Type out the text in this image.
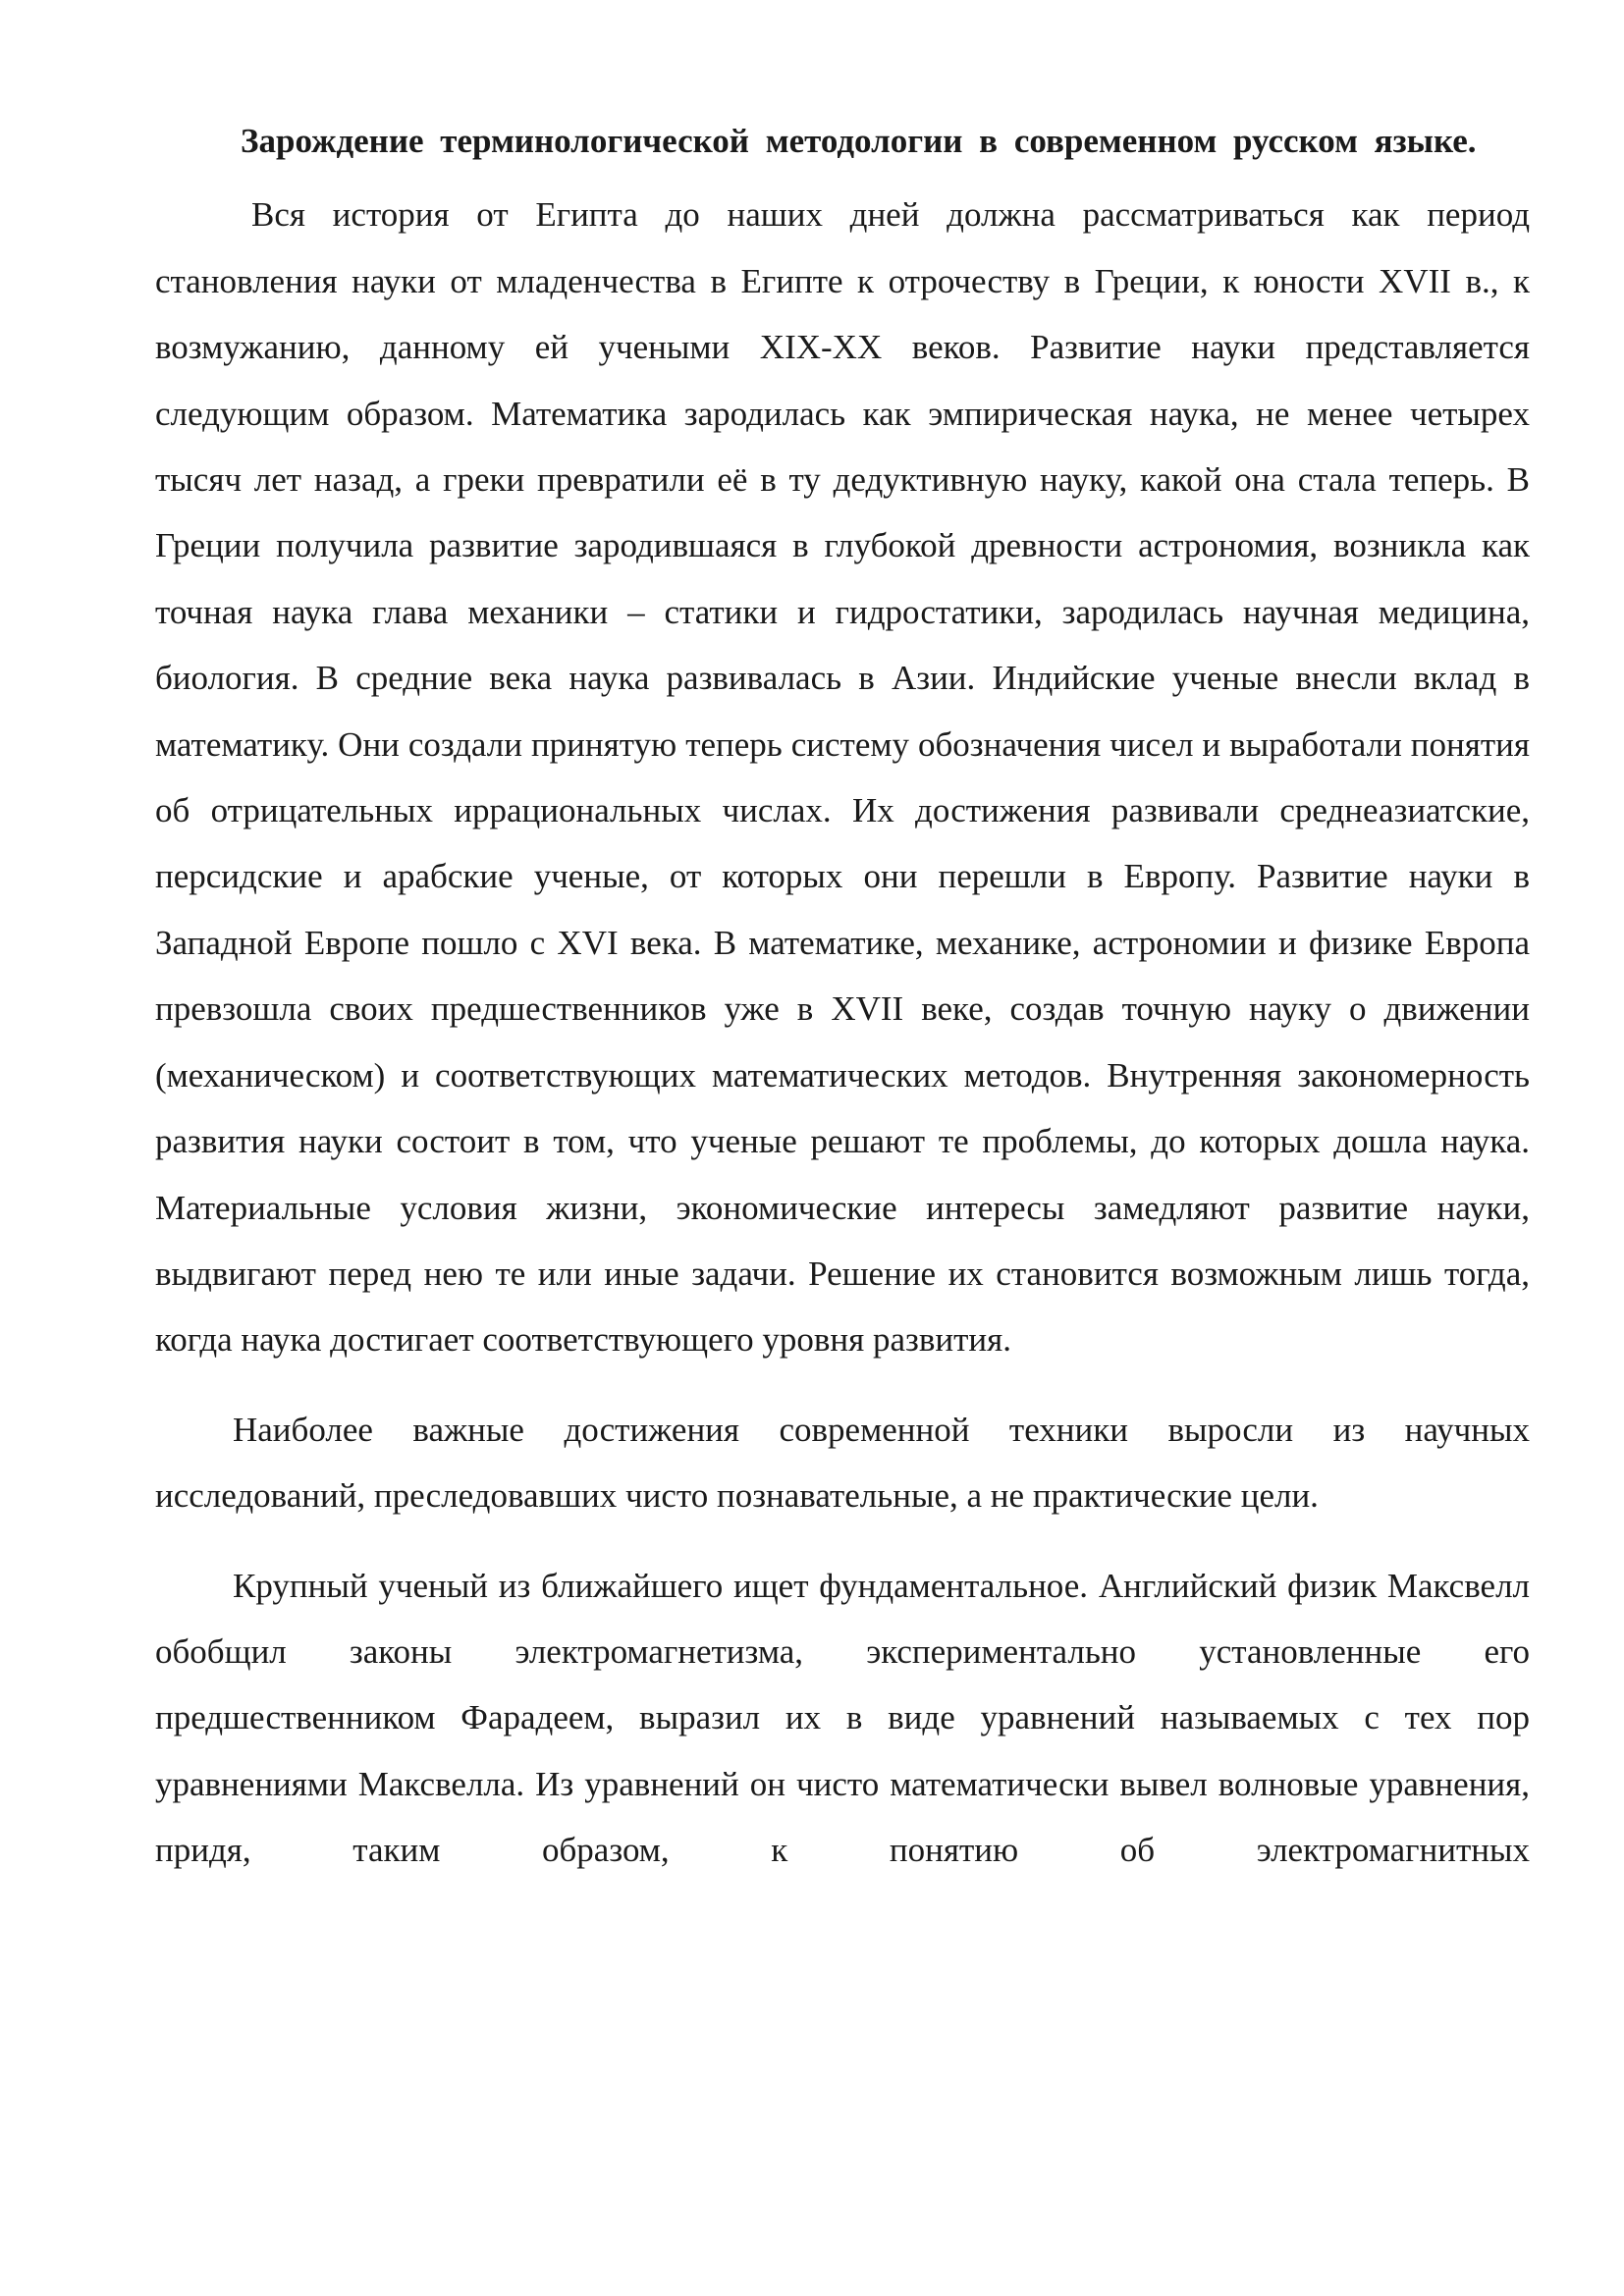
Зарождение терминологической методологии в современном русском языке.

Вся история от Египта до наших дней должна рассматриваться как период становления науки от младенчества в Египте к отрочеству в Греции, к юности XVII в., к возмужанию, данному ей учеными XIX-XX веков. Развитие науки представляется следующим образом. Математика зародилась как эмпирическая наука, не менее четырех тысяч лет назад, а греки превратили её в ту дедуктивную науку, какой она стала теперь. В Греции получила развитие зародившаяся в глубокой древности астрономия, возникла как точная наука глава механики – статики и гидростатики, зародилась научная медицина, биология. В средние века наука развивалась в Азии. Индийские ученые внесли вклад в математику. Они создали принятую теперь систему обозначения чисел и выработали понятия об отрицательных иррациональных числах. Их достижения развивали среднеазиатские, персидские и арабские ученые, от которых они перешли в Европу. Развитие науки в Западной Европе пошло с XVI века. В математике, механике, астрономии и физике Европа превзошла своих предшественников уже в XVII веке, создав точную науку о движении (механическом) и соответствующих математических методов. Внутренняя закономерность развития науки состоит в том, что ученые решают те проблемы, до которых дошла наука. Материальные условия жизни, экономические интересы замедляют развитие науки, выдвигают перед нею те или иные задачи. Решение их становится возможным лишь тогда, когда наука достигает соответствующего уровня развития.

Наиболее важные достижения современной техники выросли из научных исследований, преследовавших чисто познавательные, а не практические цели.

Крупный ученый из ближайшего ищет фундаментальное. Английский физик Максвелл обобщил законы электромагнетизма, экспериментально установленные его предшественником Фарадеем, выразил их в виде уравнений называемых с тех пор уравнениями Максвелла. Из уравнений он чисто математически вывел волновые уравнения, придя, таким образом, к понятию об электромагнитных
